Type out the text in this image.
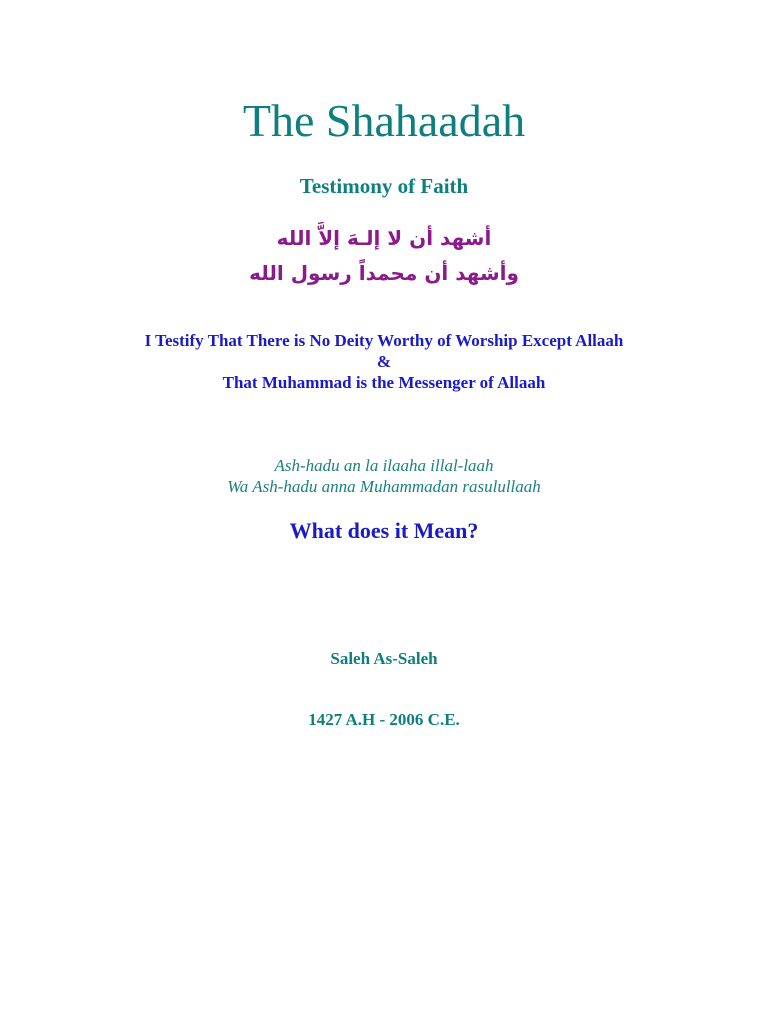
The Shahaadah
Testimony of Faith
أشهد أن لا إلـهَ إلاَّ الله
وأشهد أن محمداً رسول الله
I Testify That There is No Deity Worthy of Worship Except Allaah
&
That Muhammad is the Messenger of Allaah
Ash-hadu an la ilaaha illal-laah
Wa Ash-hadu anna Muhammadan rasulullaah
What does it Mean?
Saleh As-Saleh
1427 A.H - 2006 C.E.
